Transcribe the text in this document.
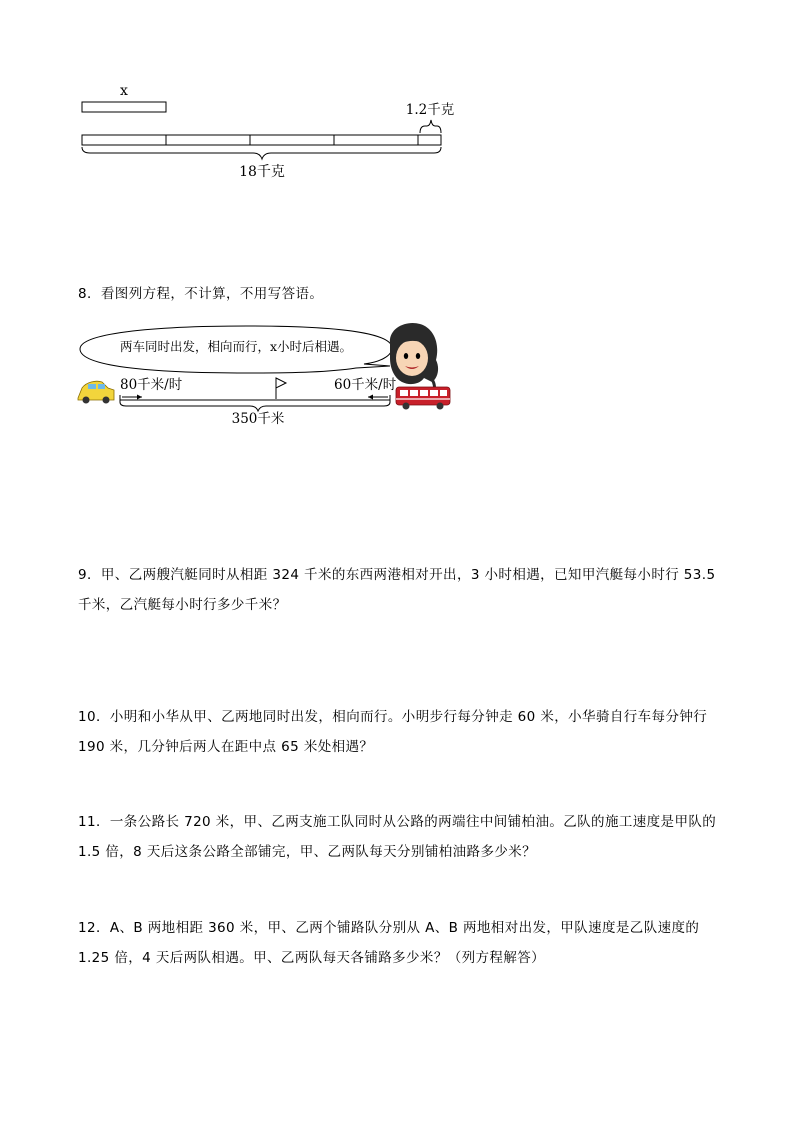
x
1.2千克
18千克
8．看图列方程，不计算，不用写答语。
两车同时出发，相向而行，x小时后相遇。
80千米/时	60千米/时
350千米
9．甲、乙两艘汽艇同时从相距 324 千米的东西两港相对开出，3 小时相遇，已知甲汽艇每小时行 53.5 千米，乙汽艇每小时行多少千米？
10．小明和小华从甲、乙两地同时出发，相向而行。小明步行每分钟走 60 米，小华骑自行车每分钟行 190 米，几分钟后两人在距中点 65 米处相遇？
11．一条公路长 720 米，甲、乙两支施工队同时从公路的两端往中间铺柏油。乙队的施工速度是甲队的 1.5 倍，8 天后这条公路全部铺完，甲、乙两队每天分别铺柏油路多少米？
12．A、B 两地相距 360 米，甲、乙两个铺路队分别从 A、B 两地相对出发，甲队速度是乙队速度的 1.25 倍，4 天后两队相遇。甲、乙两队每天各铺路多少米？（列方程解答）
